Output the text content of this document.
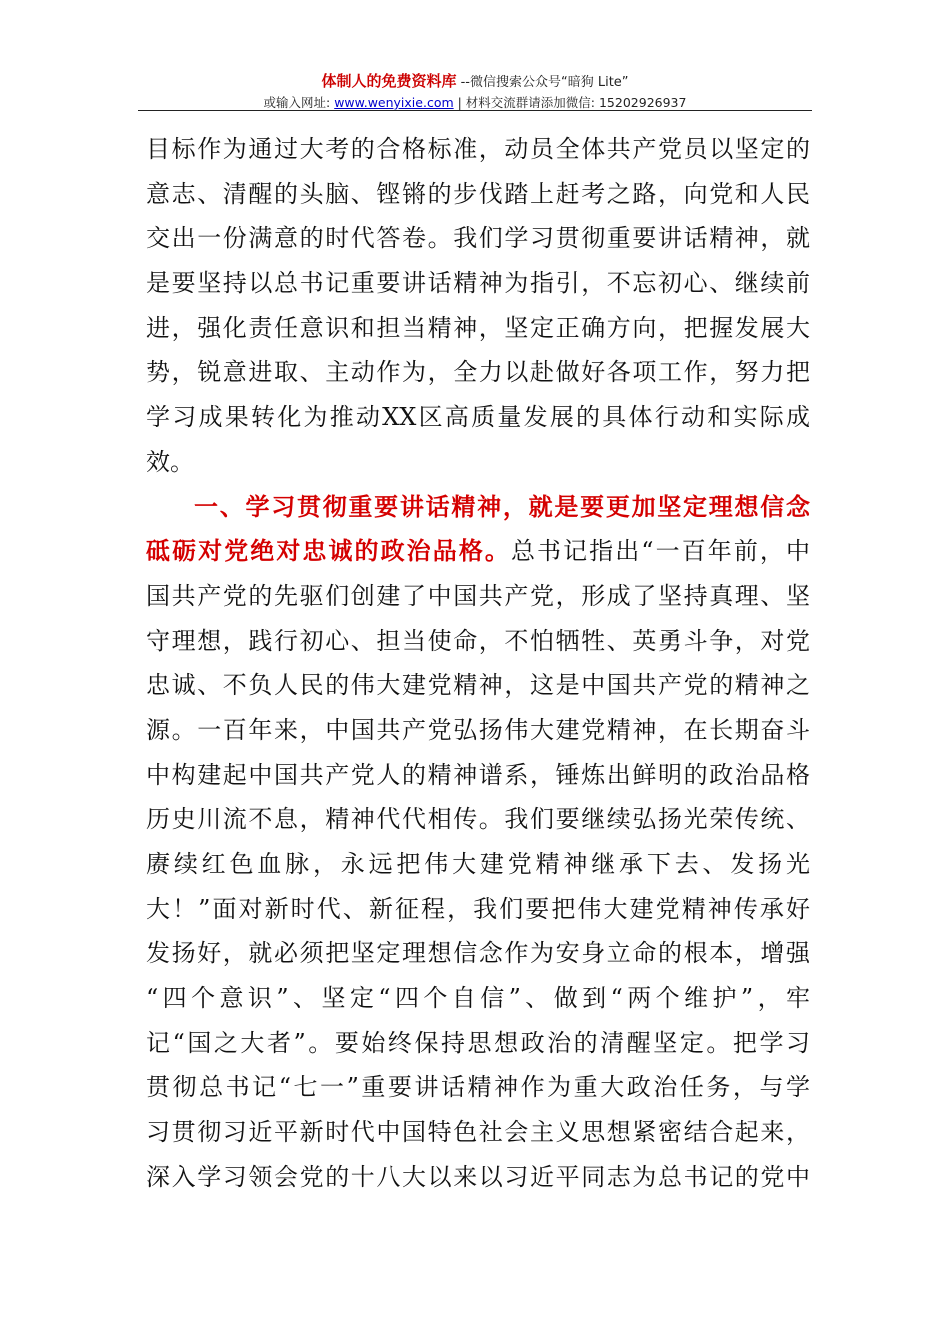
体制人的免费资料库 --微信搜索公众号“暗狗 Lite”
或输入网址: www.wenyixie.com | 材料交流群请添加微信: 15202926937
目标作为通过大考的合格标准，动员全体共产党员以坚定的
意志、清醒的头脑、铿锵的步伐踏上赶考之路，向党和人民
交出一份满意的时代答卷。我们学习贯彻重要讲话精神，就
是要坚持以总书记重要讲话精神为指引，不忘初心、继续前
进，强化责任意识和担当精神，坚定正确方向，把握发展大
势，锐意进取、主动作为，全力以赴做好各项工作，努力把
学习成果转化为推动XX区高质量发展的具体行动和实际成
效。
一、学习贯彻重要讲话精神，就是要更加坚定理想信念
砥砺对党绝对忠诚的政治品格。总书记指出“一百年前，中
国共产党的先驱们创建了中国共产党，形成了坚持真理、坚
守理想，践行初心、担当使命，不怕牺牲、英勇斗争，对党
忠诚、不负人民的伟大建党精神，这是中国共产党的精神之
源。一百年来，中国共产党弘扬伟大建党精神，在长期奋斗
中构建起中国共产党人的精神谱系，锤炼出鲜明的政治品格
历史川流不息，精神代代相传。我们要继续弘扬光荣传统、
赓续红色血脉，永远把伟大建党精神继承下去、发扬光
大！”面对新时代、新征程，我们要把伟大建党精神传承好
发扬好，就必须把坚定理想信念作为安身立命的根本，增强
“四个意识”、坚定“四个自信”、做到“两个维护”，牢
记“国之大者”。要始终保持思想政治的清醒坚定。把学习
贯彻总书记“七一”重要讲话精神作为重大政治任务，与学
习贯彻习近平新时代中国特色社会主义思想紧密结合起来，
深入学习领会党的十八大以来以习近平同志为总书记的党中
